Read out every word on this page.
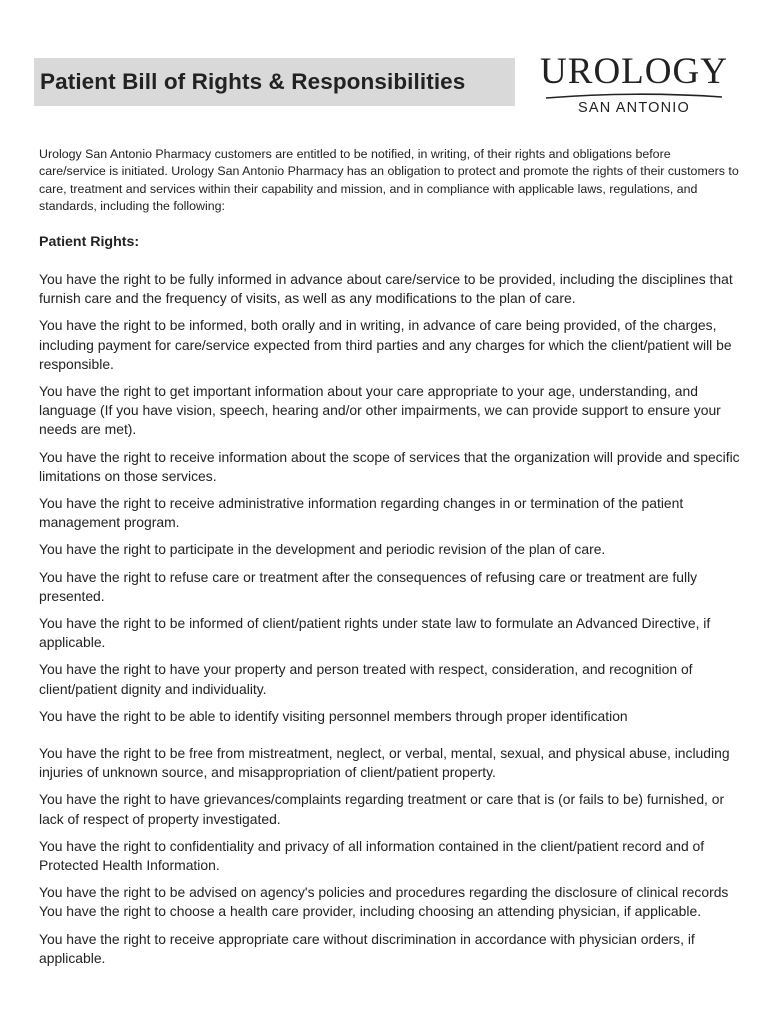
Patient Bill of Rights & Responsibilities UROLOGY
SAN ANTONIO

Urology San Antonio Pharmacy customers are entitled to be notified, in writing, of their rights and obligations before care/service is initiated. Urology San Antonio Pharmacy has an obligation to protect and promote the rights of their customers to care, treatment and services within their capability and mission, and in compliance with applicable laws, regulations, and standards, including the following:

Patient Rights:
You have the right to be fully informed in advance about care/service to be provided, including the disciplines that furnish care and the frequency of visits, as well as any modifications to the plan of care.
You have the right to be informed, both orally and in writing, in advance of care being provided, of the charges, including payment for care/service expected from third parties and any charges for which the client/patient will be responsible.
You have the right to get important information about your care appropriate to your age, understanding, and language (If you have vision, speech, hearing and/or other impairments, we can provide support to ensure your needs are met).
You have the right to receive information about the scope of services that the organization will provide and specific limitations on those services.
You have the right to receive administrative information regarding changes in or termination of the patient management program.
You have the right to participate in the development and periodic revision of the plan of care.
You have the right to refuse care or treatment after the consequences of refusing care or treatment are fully presented.
You have the right to be informed of client/patient rights under state law to formulate an Advanced Directive, if applicable.
You have the right to have your property and person treated with respect, consideration, and recognition of client/patient dignity and individuality.
You have the right to be able to identify visiting personnel members through proper identification
You have the right to be free from mistreatment, neglect, or verbal, mental, sexual, and physical abuse, including injuries of unknown source, and misappropriation of client/patient property.
You have the right to have grievances/complaints regarding treatment or care that is (or fails to be) furnished, or lack of respect of property investigated.
You have the right to confidentiality and privacy of all information contained in the client/patient record and of Protected Health Information.
You have the right to be advised on agency's policies and procedures regarding the disclosure of clinical records You have the right to choose a health care provider, including choosing an attending physician, if applicable.
You have the right to receive appropriate care without discrimination in accordance with physician orders, if applicable.
